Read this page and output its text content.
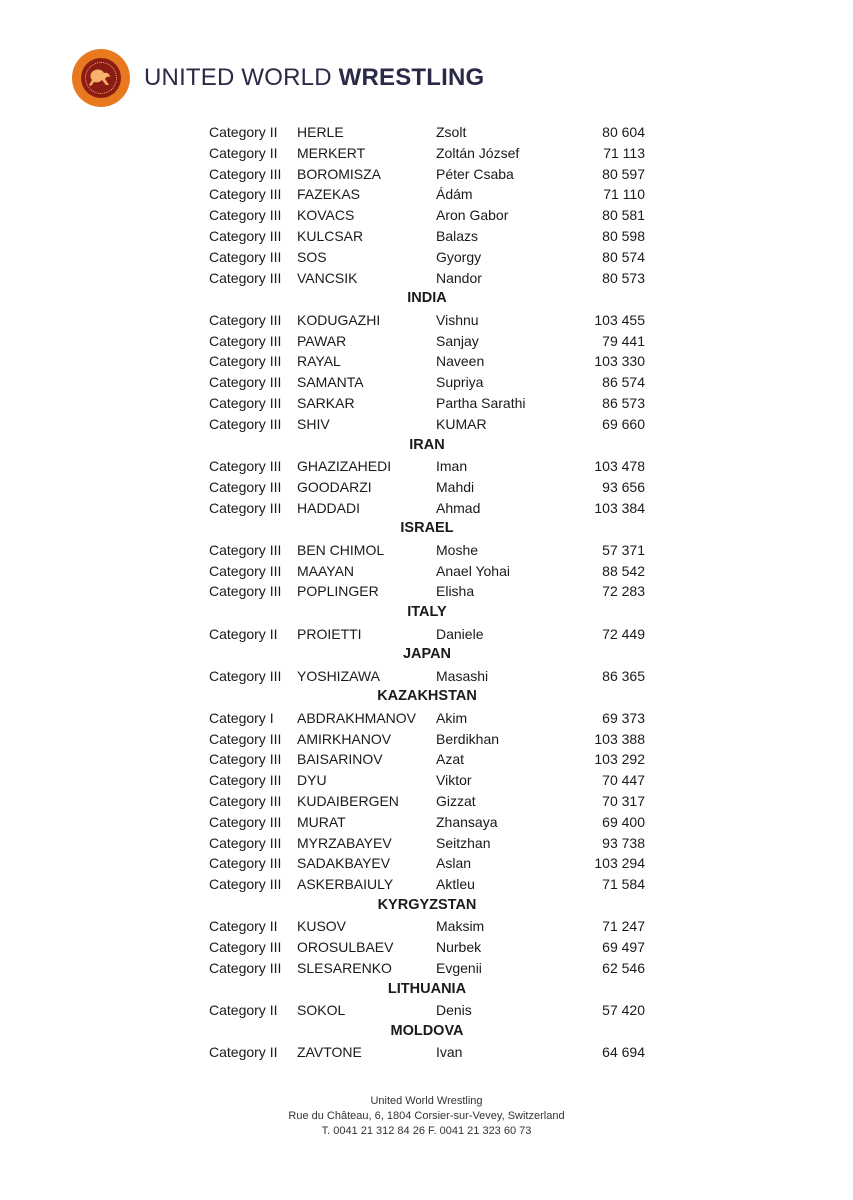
UNITED WORLD WRESTLING
Category II HERLE	Zsolt	80 604
Category II MERKERT	Zoltán József	71 113
Category III BOROMISZA	Péter Csaba	80 597
Category III FAZEKAS	Ádám	71 110
Category III KOVACS	Aron Gabor	80 581
Category III KULCSAR	Balazs	80 598
Category III SOS	Gyorgy	80 574
Category III VANCSIK	Nandor	80 573
INDIA
Category III KODUGAZHI	Vishnu	103 455
Category III PAWAR	Sanjay	79 441
Category III RAYAL	Naveen	103 330
Category III SAMANTA	Supriya	86 574
Category III SARKAR	Partha Sarathi	86 573
Category III SHIV	KUMAR	69 660
IRAN
Category III GHAZIZAHEDI	Iman	103 478
Category III GOODARZI	Mahdi	93 656
Category III HADDADI	Ahmad	103 384
ISRAEL
Category III BEN CHIMOL	Moshe	57 371
Category III MAAYAN	Anael Yohai	88 542
Category III POPLINGER	Elisha	72 283
ITALY
Category II PROIETTI	Daniele	72 449
JAPAN
Category III YOSHIZAWA	Masashi	86 365
KAZAKHSTAN
Category I ABDRAKHMANOV Akim	69 373
Category III AMIRKHANOV	Berdikhan	103 388
Category III BAISARINOV	Azat	103 292
Category III DYU	Viktor	70 447
Category III KUDAIBERGEN	Gizzat	70 317
Category III MURAT	Zhansaya	69 400
Category III MYRZABAYEV	Seitzhan	93 738
Category III SADAKBAYEV	Aslan	103 294
Category III ASKERBAIULY	Aktleu	71 584
KYRGYZSTAN
Category II KUSOV	Maksim	71 247
Category III OROSULBAEV	Nurbek	69 497
Category III SLESARENKO	Evgenii	62 546
LITHUANIA
Category II SOKOL	Denis	57 420
MOLDOVA
Category II ZAVTONE	Ivan	64 694
United World Wrestling
Rue du Château, 6, 1804 Corsier-sur-Vevey, Switzerland
T. 0041 21 312 84 26 F. 0041 21 323 60 73
